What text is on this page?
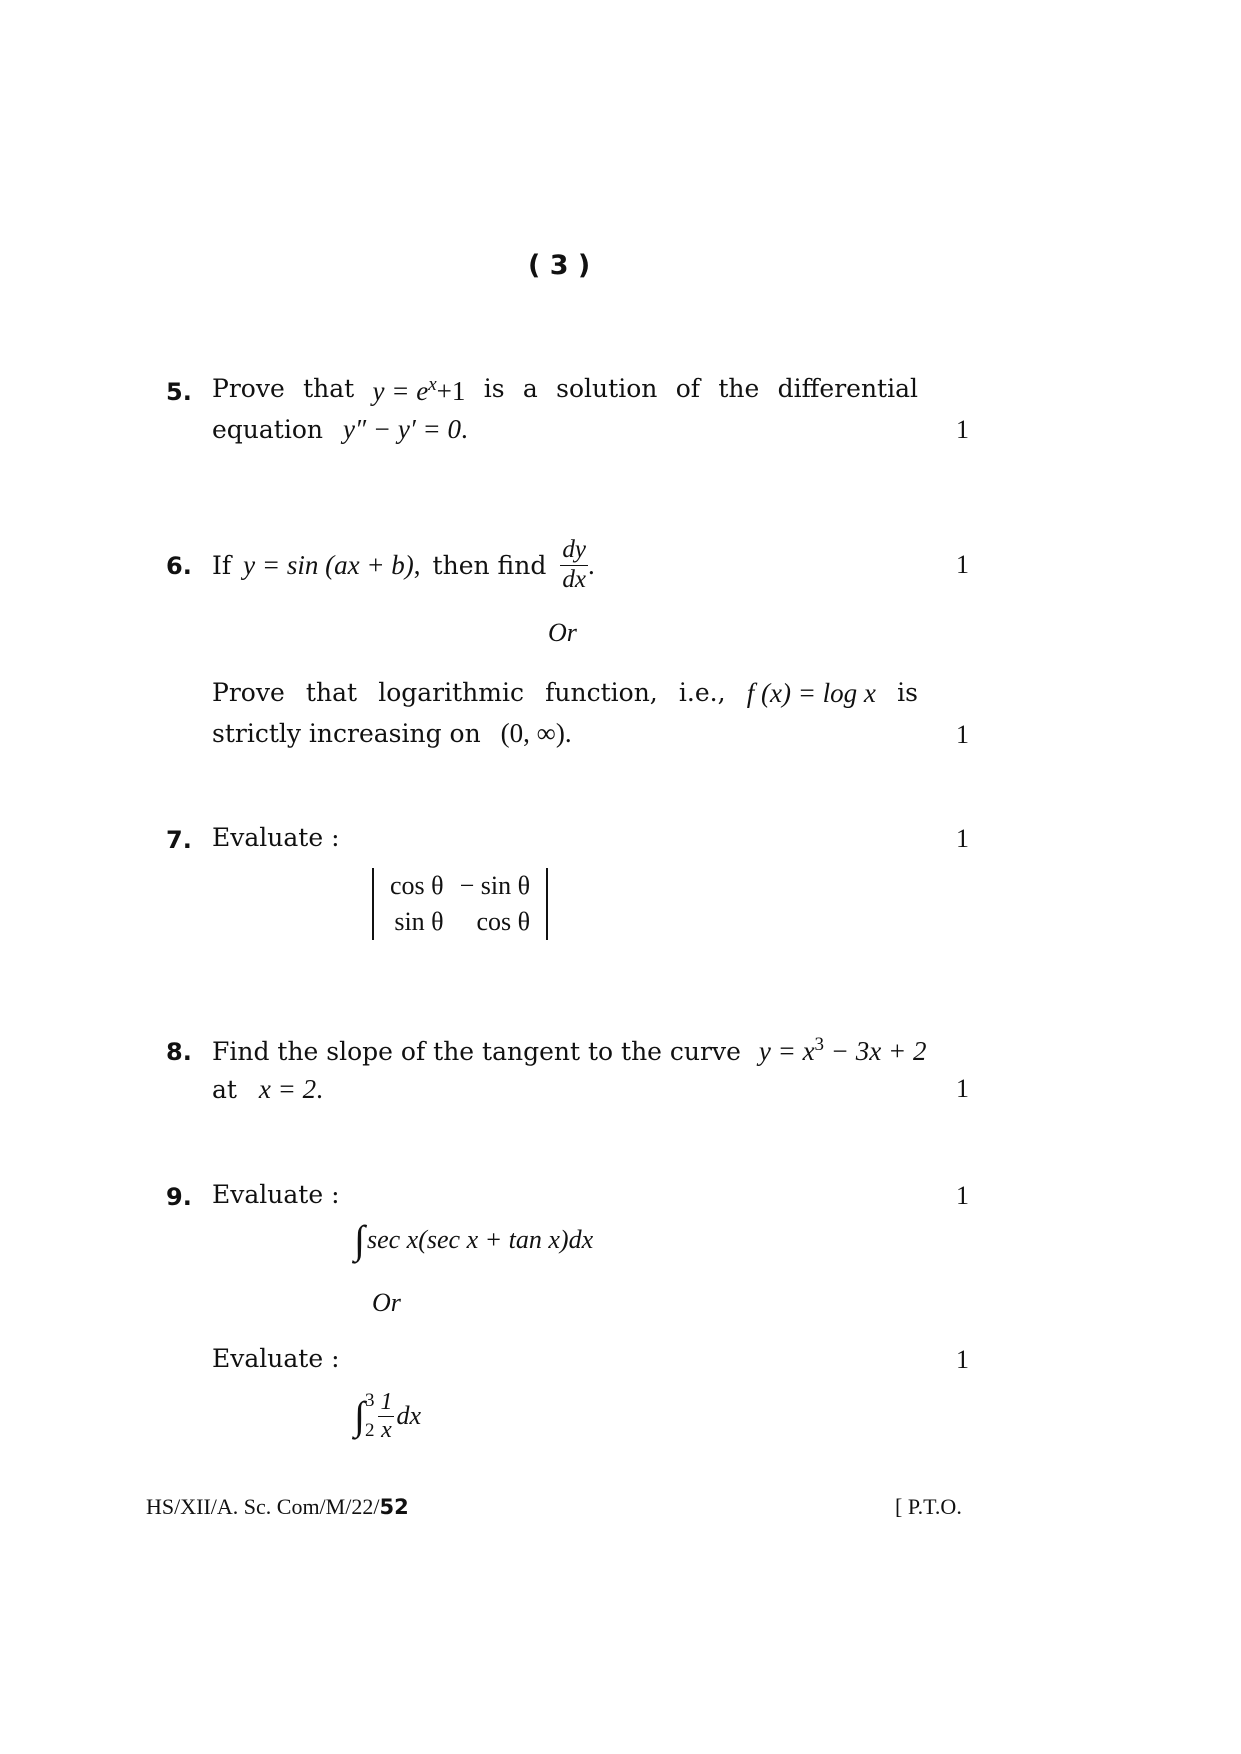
( 3 )
5. Prove that $y = e^x+1$ is a solution of the differential
equation y″ − y′ = 0.	1
6. If y = sin (ax + b) , then find $\frac{dy}{dx}$ .	1
Or
Prove that logarithmic function, i.e., f (x) = log x is
strictly increasing on (0, ∞).	1
7. Evaluate :	1
cos θ	− sin θ
sin θ	cos θ
8. Find the slope of the tangent to the curve $y = x^3 - 3x + 2$
at x = 2.	1
9. Evaluate :	1
∫ sec x(sec x + tan x)dx
Or
Evaluate :	1
∫ 3
$2 \frac{1}{x}$ dx
HS/XII/A. Sc. Com/M/22/52	[ P.T.O.
